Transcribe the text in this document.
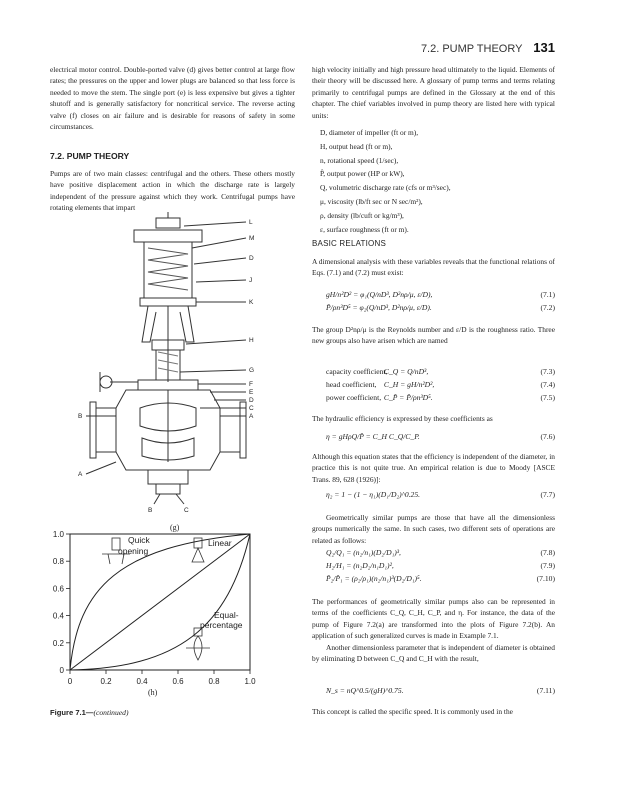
7.2. PUMP THEORY 131

electrical motor control. Double-ported valve (d) gives better control at large flow rates; the pressures on the upper and lower plugs are balanced so that less force is needed to move the stem. The single port (e) is less expensive but gives a tighter shutoff and is generally satisfactory for noncritical service. The reverse acting valve (f) closes on air failure and is desirable for reasons of safety in some circumstances.

7.2. PUMP THEORY

Pumps are of two main classes: centrifugal and the others. These others mostly have positive displacement action in which the discharge rate is largely independent of the pressure against which they work. Centrifugal pumps have rotating elements that impart

L
M
D
J
K
H
G
F
E
D
C
A
B
A
B	C
(g)
0	0.2	0.4	0.6	0.8	1.0
0
0.2
0.4
0.6
0.8
1.0
Quick
opening
Linear
Equal-
percentage
(h)
Figure 7.1—(continued)

high velocity initially and high pressure head ultimately to the liquid. Elements of their theory will be discussed here. A glossary of pump terms and terms relating primarily to centrifugal pumps are defined in the Glossary at the end of this chapter. The chief variables involved in pump theory are listed here with typical units:

D, diameter of impeller (ft or m),
H, output head (ft or m),
n, rotational speed (1/sec),
P̂, output power (HP or kW),
Q, volumetric discharge rate (cfs or m³/sec),
μ, viscosity (lb/ft sec or N sec/m²),
ρ, density (lb/cuft or kg/m³),
ε, surface roughness (ft or m).
BASIC RELATIONS

A dimensional analysis with these variables reveals that the functional relations of Eqs. (7.1) and (7.2) must exist:

gH/n²D² = φ₁(Q/nD³, D²nρ/μ, ε/D),	(7.1)
P̂/ρn³D⁵ = φ₂(Q/nD³, D²nρ/μ, ε/D).	(7.2)

The group D²nρ/μ is the Reynolds number and ε/D is the roughness ratio. Three new groups also have arisen which are named

capacity coefficient, C_Q = Q/nD³,	(7.3)
head coefficient, C_H = gH/n²D²,	(7.4)
power coefficient, C_P̂ = P̂/ρn³D⁵.	(7.5)

The hydraulic efficiency is expressed by these coefficients as

η = gHρQ/P̂ = C_H C_Q/C_P.	(7.6)

Although this equation states that the efficiency is independent of the diameter, in practice this is not quite true. An empirical relation is due to Moody [ASCE Trans. 89, 628 (1926)]:

η₂ = 1 − (1 − η₁)(D₁/D₂)^0.25.	(7.7)

Geometrically similar pumps are those that have all the dimensionless groups numerically the same. In such cases, two different sets of operations are related as follows:

Q₂/Q₁ = (n₂/n₁)(D₂/D₁)³,	(7.8)
H₂/H₁ = (n₂D₂/n₁D₁)²,	(7.9)
P̂₂/P̂₁ = (ρ₂/ρ₁)(n₂/n₁)³(D₂/D₁)⁵.	(7.10)

The performances of geometrically similar pumps also can be represented in terms of the coefficients C_Q, C_H, C_P, and η. For instance, the data of the pump of Figure 7.2(a) are transformed into the plots of Figure 7.2(b). An application of such generalized curves is made in Example 7.1.

Another dimensionless parameter that is independent of diameter is obtained by eliminating D between C_Q and C_H with the result,

N_s = nQ^0.5/(gH)^0.75.	(7.11)

This concept is called the specific speed. It is commonly used in the
